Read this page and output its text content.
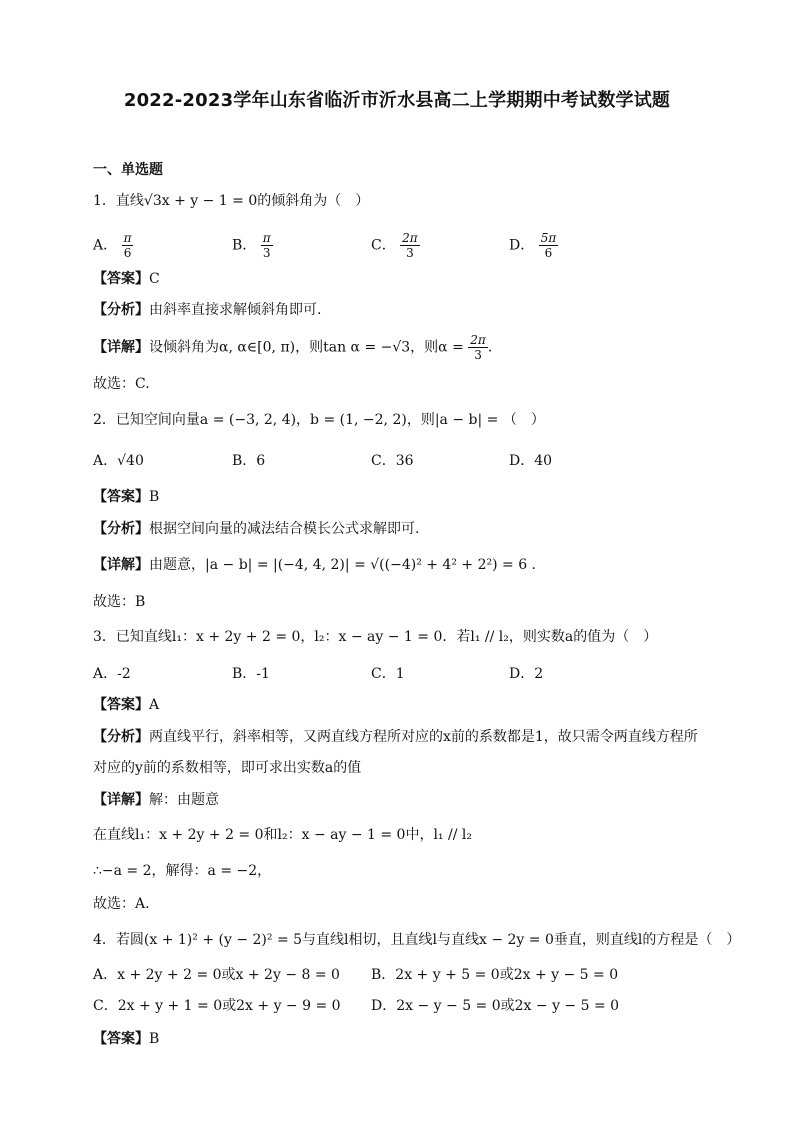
2022-2023学年山东省临沂市沂水县高二上学期期中考试数学试题
一、单选题
1．直线√3x + y − 1 = 0的倾斜角为（　）
A． $\frac{\pi}{6}$	B． $\frac{\pi}{3}$	C． $\frac{2\pi}{3}$	D． $\frac{5\pi}{6}$
【答案】C
【分析】由斜率直接求解倾斜角即可.
【详解】设倾斜角为α, α∈[0, π)，则tan α = −√3，则$\alpha = \frac{2\pi}{3}$ .
故选：C.
2．已知空间向量a = (−3, 2, 4)，b = (1, −2, 2)，则|a − b| = （　）
A．√40	B．6	C．36	D．40
【答案】B
【分析】根据空间向量的减法结合模长公式求解即可.
【详解】由题意，|a − b| = |(−4, 4, 2)| = √((−4)² + 4² + 2²) = 6 .
故选：B
3．已知直线l₁：x + 2y + 2 = 0，l₂：x − ay − 1 = 0．若l₁ // l₂，则实数a的值为（　）
A．-2	B．-1	C．1	D．2
【答案】A
【分析】两直线平行，斜率相等，又两直线方程所对应的x前的系数都是1，故只需令两直线方程所
对应的y前的系数相等，即可求出实数a的值
【详解】解：由题意
在直线l₁：x + 2y + 2 = 0和l₂：x − ay − 1 = 0中，l₁ // l₂
∴−a = 2，解得：a = −2，
故选：A.
4．若圆(x + 1)² + (y − 2)² = 5与直线l相切，且直线l与直线x − 2y = 0垂直，则直线l的方程是（　）
A．x + 2y + 2 = 0或x + 2y − 8 = 0 B．2x + y + 5 = 0或2x + y − 5 = 0
C．2x + y + 1 = 0或2x + y − 9 = 0 D．2x − y − 5 = 0或2x − y − 5 = 0
【答案】B
